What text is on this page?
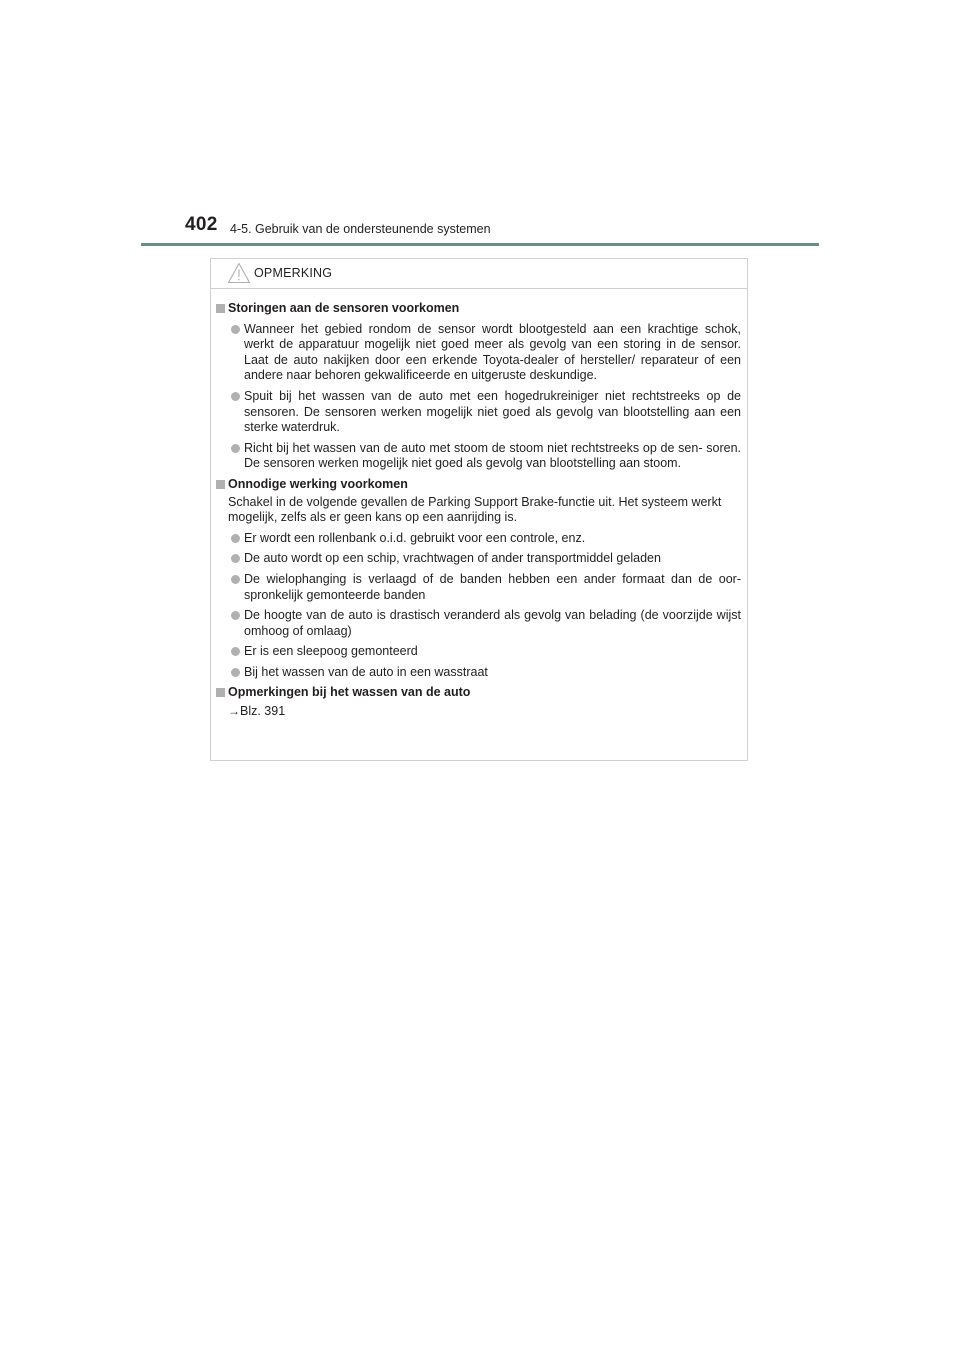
402 4-5. Gebruik van de ondersteunende systemen
OPMERKING
Storingen aan de sensoren voorkomen
Wanneer het gebied rondom de sensor wordt blootgesteld aan een krachtige schok, werkt de apparatuur mogelijk niet goed meer als gevolg van een storing in de sensor. Laat de auto nakijken door een erkende Toyota-dealer of hersteller/ reparateur of een andere naar behoren gekwalificeerde en uitgeruste deskundige.
Spuit bij het wassen van de auto met een hogedrukreiniger niet rechtstreeks op de sensoren. De sensoren werken mogelijk niet goed als gevolg van blootstelling aan een sterke waterdruk.
Richt bij het wassen van de auto met stoom de stoom niet rechtstreeks op de sen- soren. De sensoren werken mogelijk niet goed als gevolg van blootstelling aan stoom.
Onnodige werking voorkomen
Schakel in de volgende gevallen de Parking Support Brake-functie uit. Het systeem werkt mogelijk, zelfs als er geen kans op een aanrijding is.
Er wordt een rollenbank o.i.d. gebruikt voor een controle, enz.
De auto wordt op een schip, vrachtwagen of ander transportmiddel geladen
De wielophanging is verlaagd of de banden hebben een ander formaat dan de oor- spronkelijk gemonteerde banden
De hoogte van de auto is drastisch veranderd als gevolg van belading (de voorzijde wijst omhoog of omlaag)
Er is een sleepoog gemonteerd
Bij het wassen van de auto in een wasstraat
Opmerkingen bij het wassen van de auto
→Blz. 391
